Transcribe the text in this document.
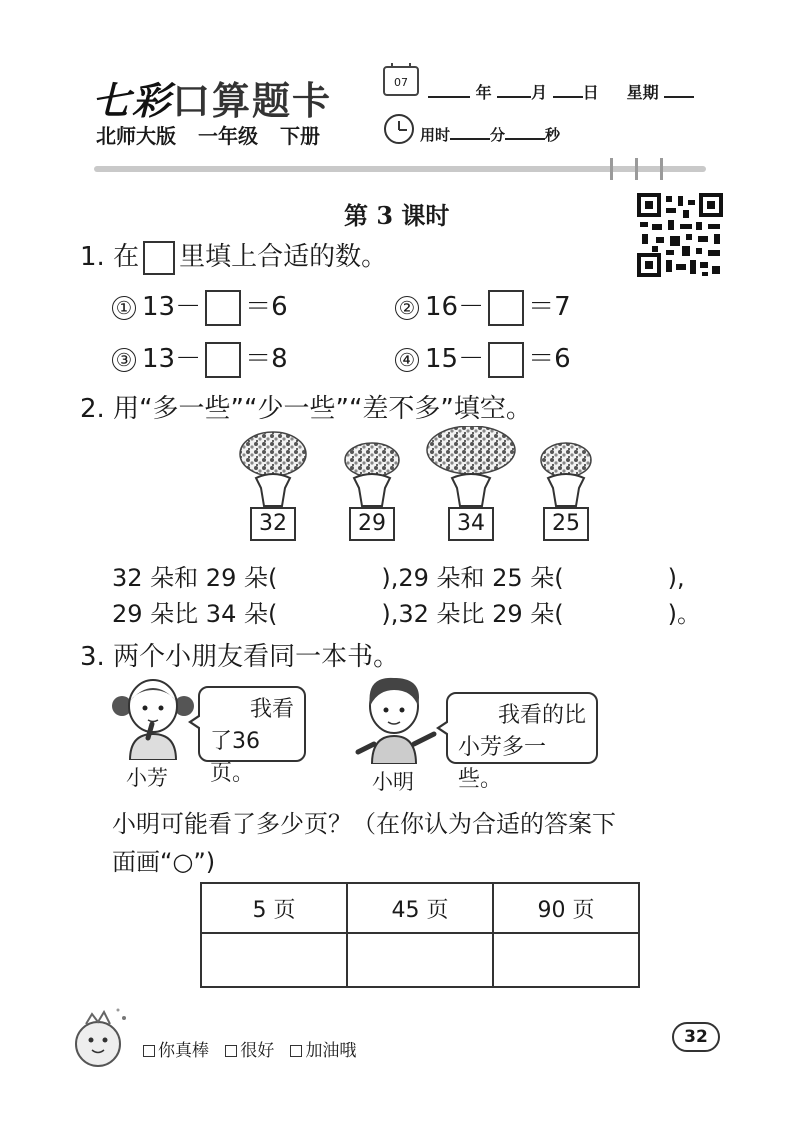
七彩口算题卡	07
年 月 日 星期
北师大版 一年级 下册	用时	分	秒
第 3 课时
1. 在 里填上合适的数。
① 13－ ＝6	② 16－ ＝7
③ 13－ ＝8	④ 15－ ＝6
2. 用“多一些”“少一些”“差不多”填空。
32	29	34	25
32 朵和 29 朵(	),29 朵和 25 朵(	),
29 朵比 34 朵(	),32 朵比 29 朵(	)。
3. 两个小朋友看同一本书。
我看
了36页。
小芳
我看的比
小芳多一些。
小明
小明可能看了多少页？（在你认为合适的答案下
面画“○”)
5 页	45 页	90 页

你真棒 很好 加油哦
32
